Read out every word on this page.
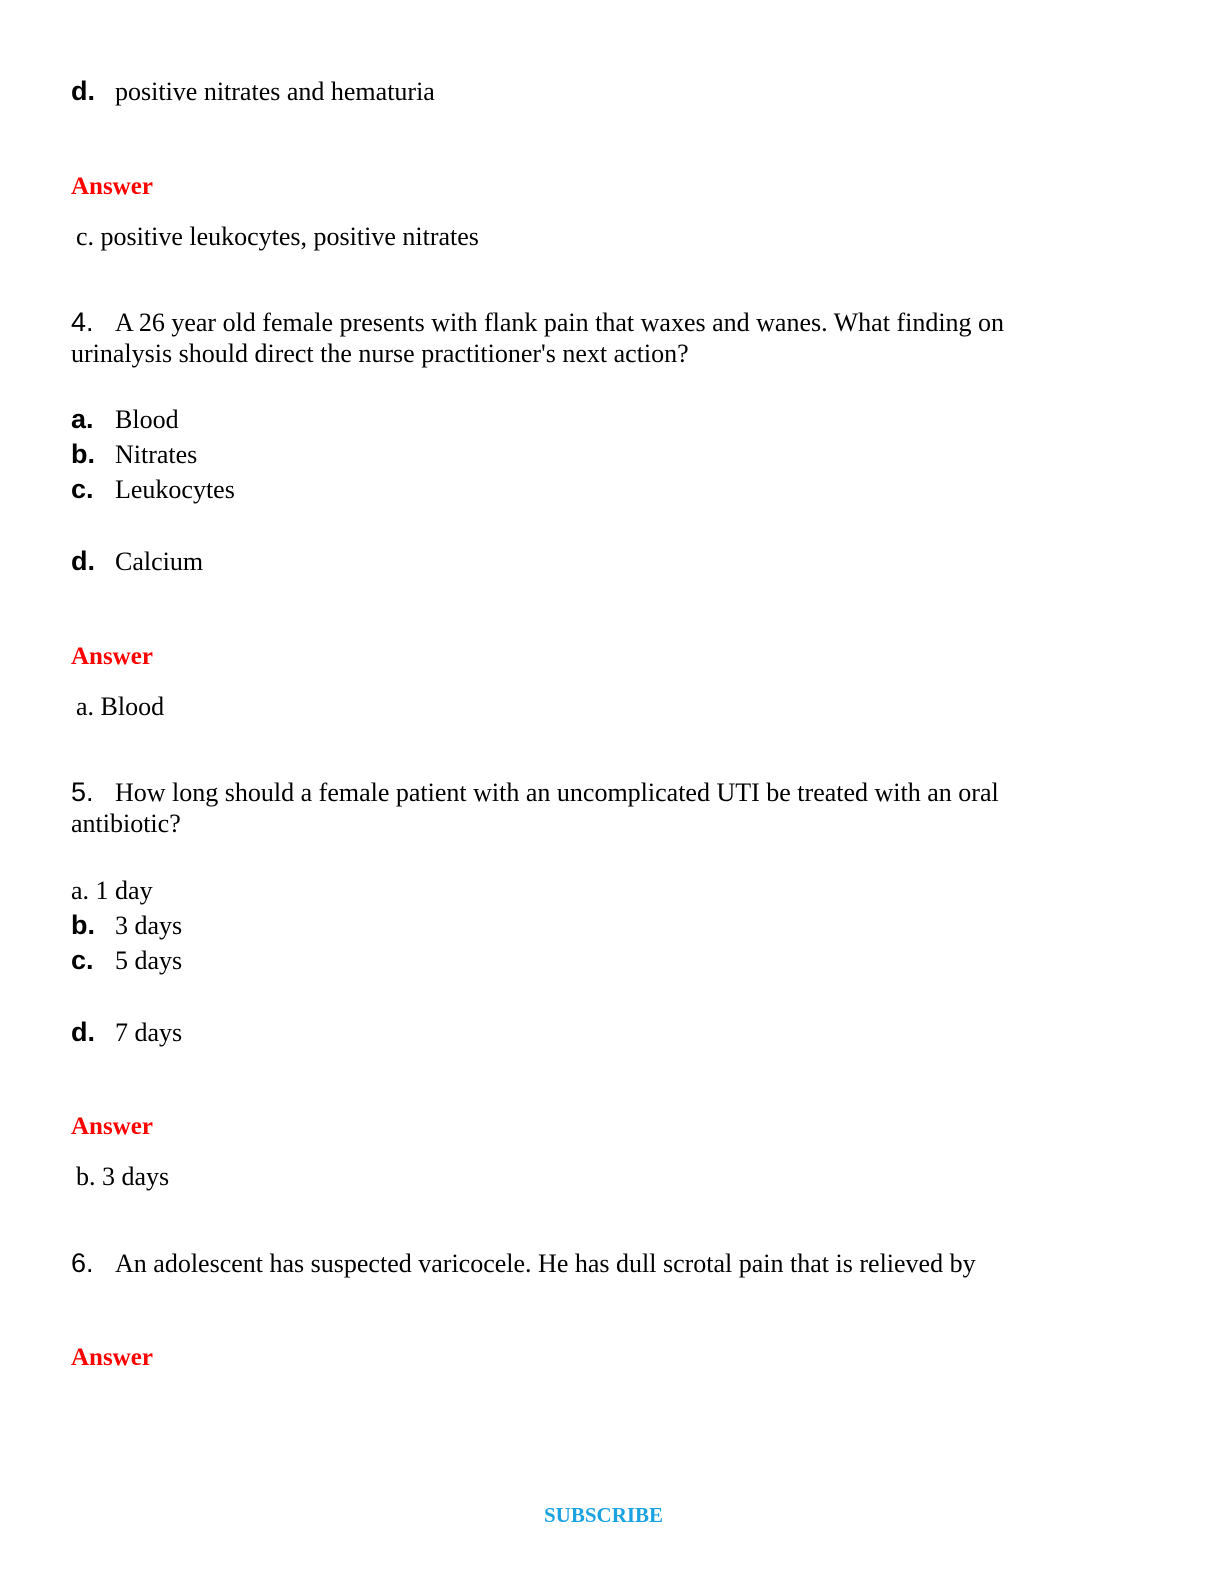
d. positive nitrates and hematuria
Answer
c. positive leukocytes, positive nitrates
4. A 26 year old female presents with flank pain that waxes and wanes. What finding on
urinalysis should direct the nurse practitioner's next action?
a. Blood
b. Nitrates
c. Leukocytes
d. Calcium
Answer
a. Blood
5. How long should a female patient with an uncomplicated UTI be treated with an oral
antibiotic?
a. 1 day
b. 3 days
c. 5 days
d. 7 days
Answer
b. 3 days
6. An adolescent has suspected varicocele. He has dull scrotal pain that is relieved by
Answer
SUBSCRIBE
